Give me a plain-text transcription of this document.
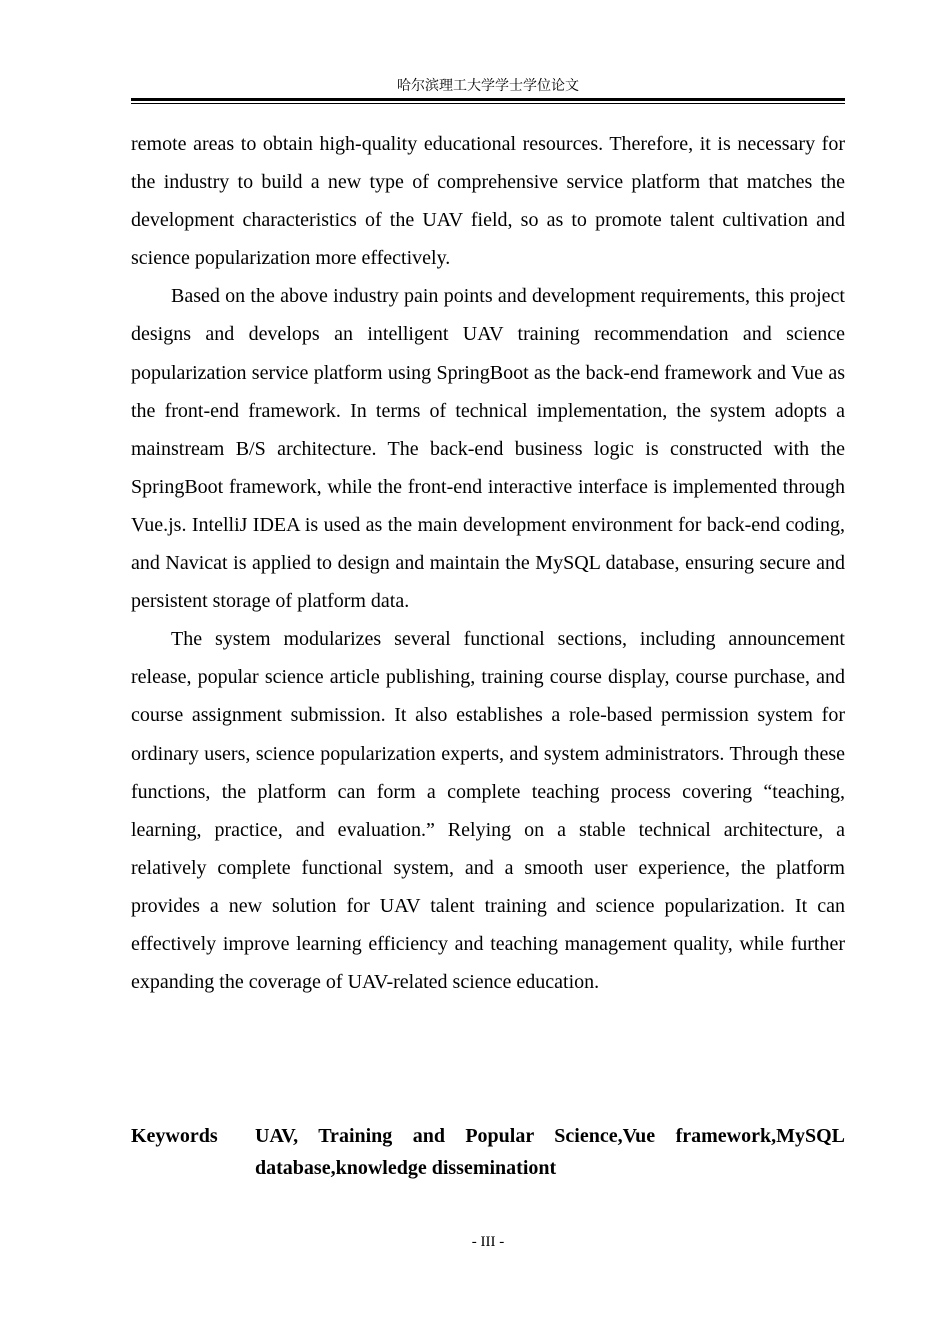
哈尔滨理工大学学士学位论文

remote areas to obtain high-quality educational resources. Therefore, it is necessary for the industry to build a new type of comprehensive service platform that matches the development characteristics of the UAV field, so as to promote talent cultivation and science popularization more effectively.

Based on the above industry pain points and development requirements, this project designs and develops an intelligent UAV training recommendation and science popularization service platform using SpringBoot as the back-end framework and Vue as the front-end framework. In terms of technical implementation, the system adopts a mainstream B/S architecture. The back-end business logic is constructed with the SpringBoot framework, while the front-end interactive interface is implemented through Vue.js. IntelliJ IDEA is used as the main development environment for back-end coding, and Navicat is applied to design and maintain the MySQL database, ensuring secure and persistent storage of platform data.

The system modularizes several functional sections, including announcement release, popular science article publishing, training course display, course purchase, and course assignment submission. It also establishes a role-based permission system for ordinary users, science popularization experts, and system administrators. Through these functions, the platform can form a complete teaching process covering “teaching, learning, practice, and evaluation.” Relying on a stable technical architecture, a relatively complete functional system, and a smooth user experience, the platform provides a new solution for UAV talent training and science popularization. It can effectively improve learning efficiency and teaching management quality, while further expanding the coverage of UAV-related science education.

Keywords UAV, Training and Popular Science,Vue framework,MySQL database,knowledge disseminationt
- III -
